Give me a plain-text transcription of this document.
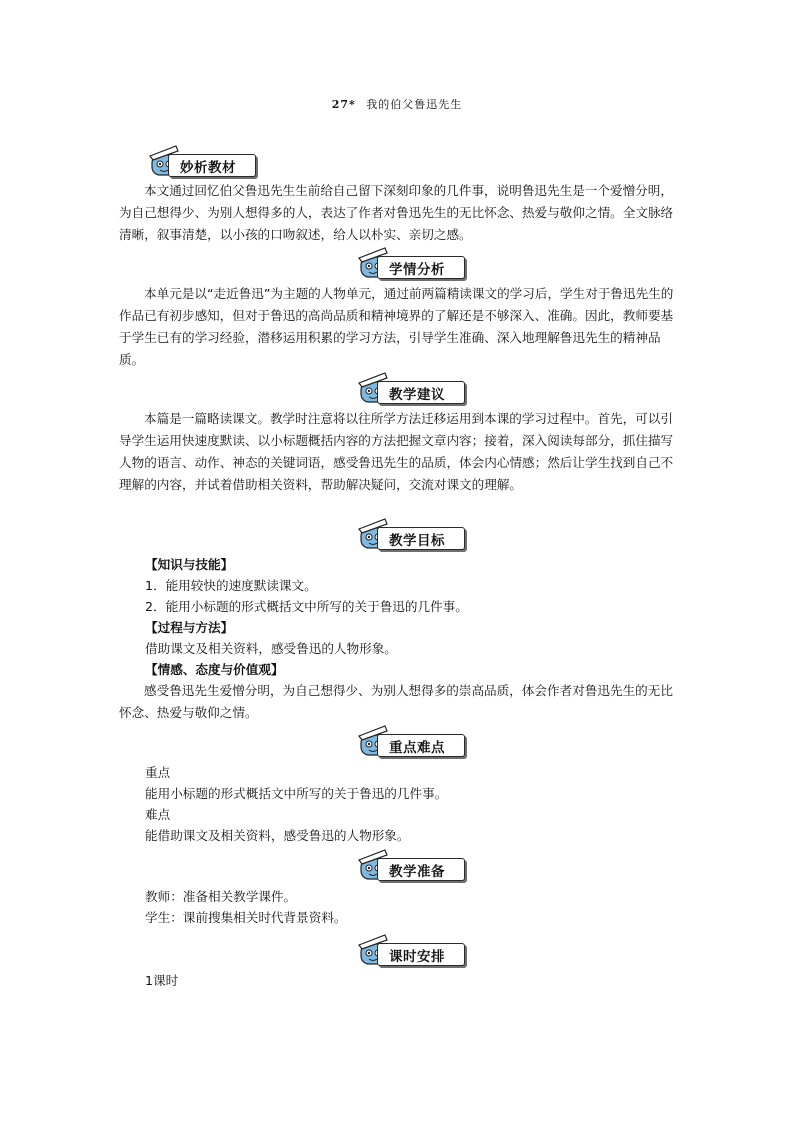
27* 我的伯父鲁迅先生
妙析教材
本文通过回忆伯父鲁迅先生生前给自己留下深刻印象的几件事，说明鲁迅先生是一个爱憎分明，为自己想得少、为别人想得多的人，表达了作者对鲁迅先生的无比怀念、热爱与敬仰之情。全文脉络清晰，叙事清楚，以小孩的口吻叙述，给人以朴实、亲切之感。
学情分析
本单元是以“走近鲁迅”为主题的人物单元，通过前两篇精读课文的学习后，学生对于鲁迅先生的作品已有初步感知，但对于鲁迅的高尚品质和精神境界的了解还是不够深入、准确。因此，教师要基于学生已有的学习经验，潜移运用积累的学习方法，引导学生准确、深入地理解鲁迅先生的精神品质。
教学建议
本篇是一篇略读课文。教学时注意将以往所学方法迁移运用到本课的学习过程中。首先，可以引导学生运用快速度默读、以小标题概括内容的方法把握文章内容；接着，深入阅读每部分，抓住描写人物的语言、动作、神态的关键词语，感受鲁迅先生的品质，体会内心情感；然后让学生找到自己不理解的内容，并试着借助相关资料，帮助解决疑问，交流对课文的理解。
教学目标
【知识与技能】
1．能用较快的速度默读课文。
2．能用小标题的形式概括文中所写的关于鲁迅的几件事。
【过程与方法】
借助课文及相关资料，感受鲁迅的人物形象。
【情感、态度与价值观】
感受鲁迅先生爱憎分明，为自己想得少、为别人想得多的崇高品质，体会作者对鲁迅先生的无比怀念、热爱与敬仰之情。
重点难点
重点
能用小标题的形式概括文中所写的关于鲁迅的几件事。
难点
能借助课文及相关资料，感受鲁迅的人物形象。
教学准备
教师：准备相关教学课件。
学生：课前搜集相关时代背景资料。
课时安排
1课时
